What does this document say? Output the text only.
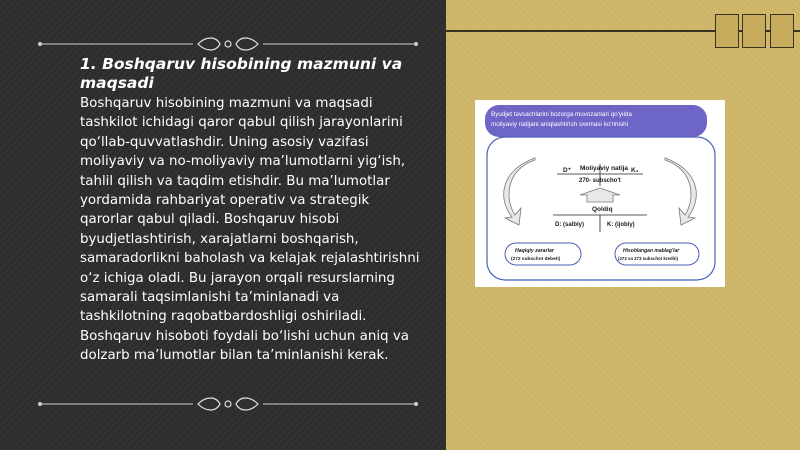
1. Boshqaruv hisobining mazmuni va maqsadi
Boshqaruv hisobining mazmuni va maqsadi tashkilot ichidagi qaror qabul qilish jarayonlarini qo‘llab-quvvatlashdir. Uning asosiy vazifasi moliyaviy va no-moliyaviy ma’lumotlarni yig‘ish, tahlil qilish va taqdim etishdir. Bu ma’lumotlar yordamida rahbariyat operativ va strategik qarorlar qabul qiladi. Boshqaruv hisobi byudjetlashtirish, xarajatlarni boshqarish, samaradorlikni baholash va kelajak rejalashtirishni o‘z ichiga oladi. Bu jarayon orqali resurslarning samarali taqsimlanishi ta’minlanadi va tashkilotning raqobatbardoshligi oshiriladi. Boshqaruv hisoboti foydali bo‘lishi uchun aniq va dolzarb ma’lumotlar bilan ta’minlanishi kerak.
Byudjet tavsachlarini bozorga muvozanlari qo'yilda moliyaviy natijani aniqlashtirish sxemasi ko'rinishi
D⁺ Moliyaviy natija K₁
270- subschо't
Qoldiq
D: (salbiy)	K: (ijobiy)
Haqiqiy zararlar
(272 subschot debeti)
Hisoblangan mablag'lar
(272 va 273 subschot krediti)
